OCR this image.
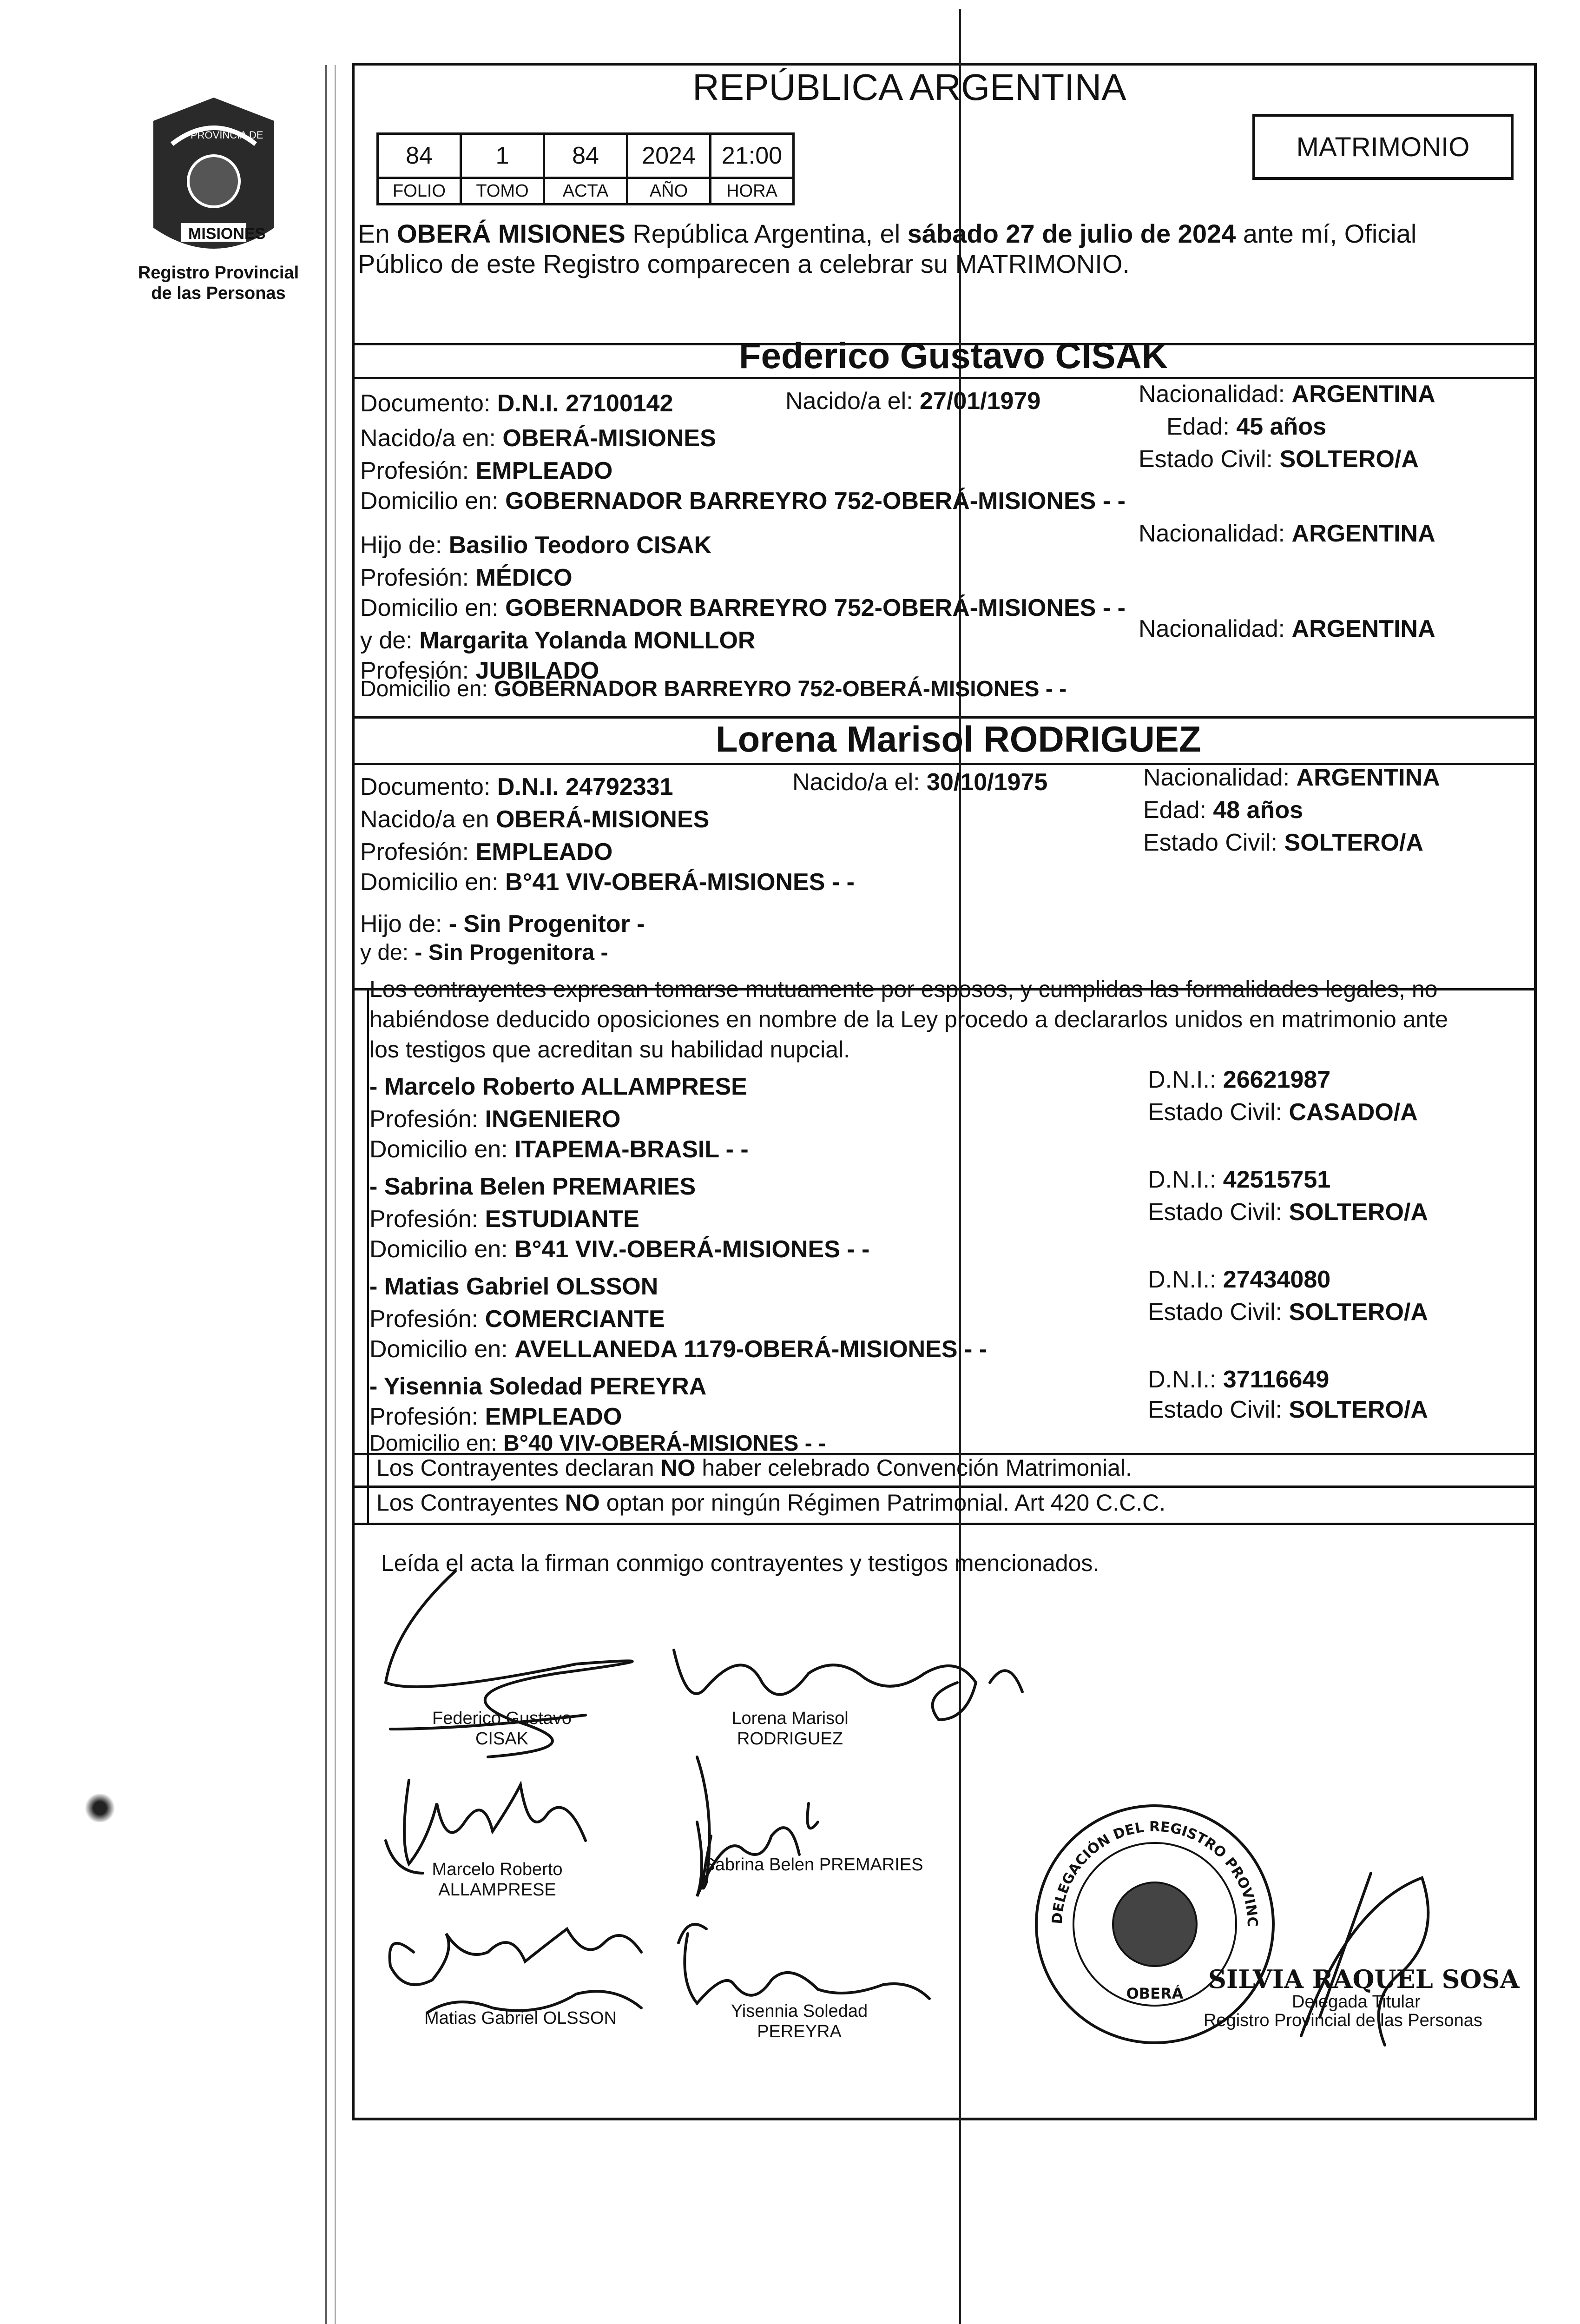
PROVINCIA DE
MISIONES
Registro Provincial
de las Personas
REPÚBLICA ARGENTINA
84	1	84	2024	21:00
FOLIO	TOMO	ACTA	AÑO	HORA
MATRIMONIO
En OBERÁ MISIONES República Argentina, el sábado 27 de julio de 2024 ante mí, Oficial
Público de este Registro comparecen a celebrar su MATRIMONIO.
Federico Gustavo CISAK
Documento: D.N.I. 27100142	Nacido/a el: 27/01/1979	Nacionalidad: ARGENTINA
Edad: 45 años
Nacido/a en: OBERÁ-MISIONES
Estado Civil: SOLTERO/A
Profesión: EMPLEADO
Domicilio en: GOBERNADOR BARREYRO 752-OBERÁ-MISIONES - -
Hijo de: Basilio Teodoro CISAK	Nacionalidad: ARGENTINA
Profesión: MÉDICO
Domicilio en: GOBERNADOR BARREYRO 752-OBERÁ-MISIONES - -
y de: Margarita Yolanda MONLLOR	Nacionalidad: ARGENTINA
Profesión: JUBILADO
Domicilio en: GOBERNADOR BARREYRO 752-OBERÁ-MISIONES - -
Lorena Marisol RODRIGUEZ
Documento: D.N.I. 24792331	Nacido/a el: 30/10/1975	Nacionalidad: ARGENTINA
Nacido/a en OBERÁ-MISIONES	Edad: 48 años
Profesión: EMPLEADO	Estado Civil: SOLTERO/A
Domicilio en: B°41 VIV-OBERÁ-MISIONES - -
Hijo de: - Sin Progenitor -
y de: - Sin Progenitora -
Los contrayentes expresan tomarse mutuamente por esposos, y cumplidas las formalidades legales, no
habiéndose deducido oposiciones en nombre de la Ley procedo a declararlos unidos en matrimonio ante
los testigos que acreditan su habilidad nupcial.
- Marcelo Roberto ALLAMPRESE	D.N.I.: 26621987
Profesión: INGENIERO	Estado Civil: CASADO/A
Domicilio en: ITAPEMA-BRASIL - -
- Sabrina Belen PREMARIES	D.N.I.: 42515751
Profesión: ESTUDIANTE	Estado Civil: SOLTERO/A
Domicilio en: B°41 VIV.-OBERÁ-MISIONES - -
- Matias Gabriel OLSSON	D.N.I.: 27434080
Profesión: COMERCIANTE	Estado Civil: SOLTERO/A
Domicilio en: AVELLANEDA 1179-OBERÁ-MISIONES - -
- Yisennia Soledad PEREYRA	D.N.I.: 37116649
Profesión: EMPLEADO	Estado Civil: SOLTERO/A
Domicilio en: B°40 VIV-OBERÁ-MISIONES - -
Los Contrayentes declaran NO haber celebrado Convención Matrimonial.
Los Contrayentes NO optan por ningún Régimen Patrimonial. Art 420 C.C.C.
Leída el acta la firman conmigo contrayentes y testigos mencionados.
Federico Gustavo CISAK
Lorena Marisol
RODRIGUEZ
Marcelo Roberto
ALLAMPRESE
Sabrina Belen PREMARIES
Matias Gabriel OLSSON	Yisennia Soledad
PEREYRA
DELEGACIÓN DEL REGISTRO PROVINC
OBERÁ SILVIA RAQUEL SOSA
Delegada Titular
Registro Provincial de las Personas
